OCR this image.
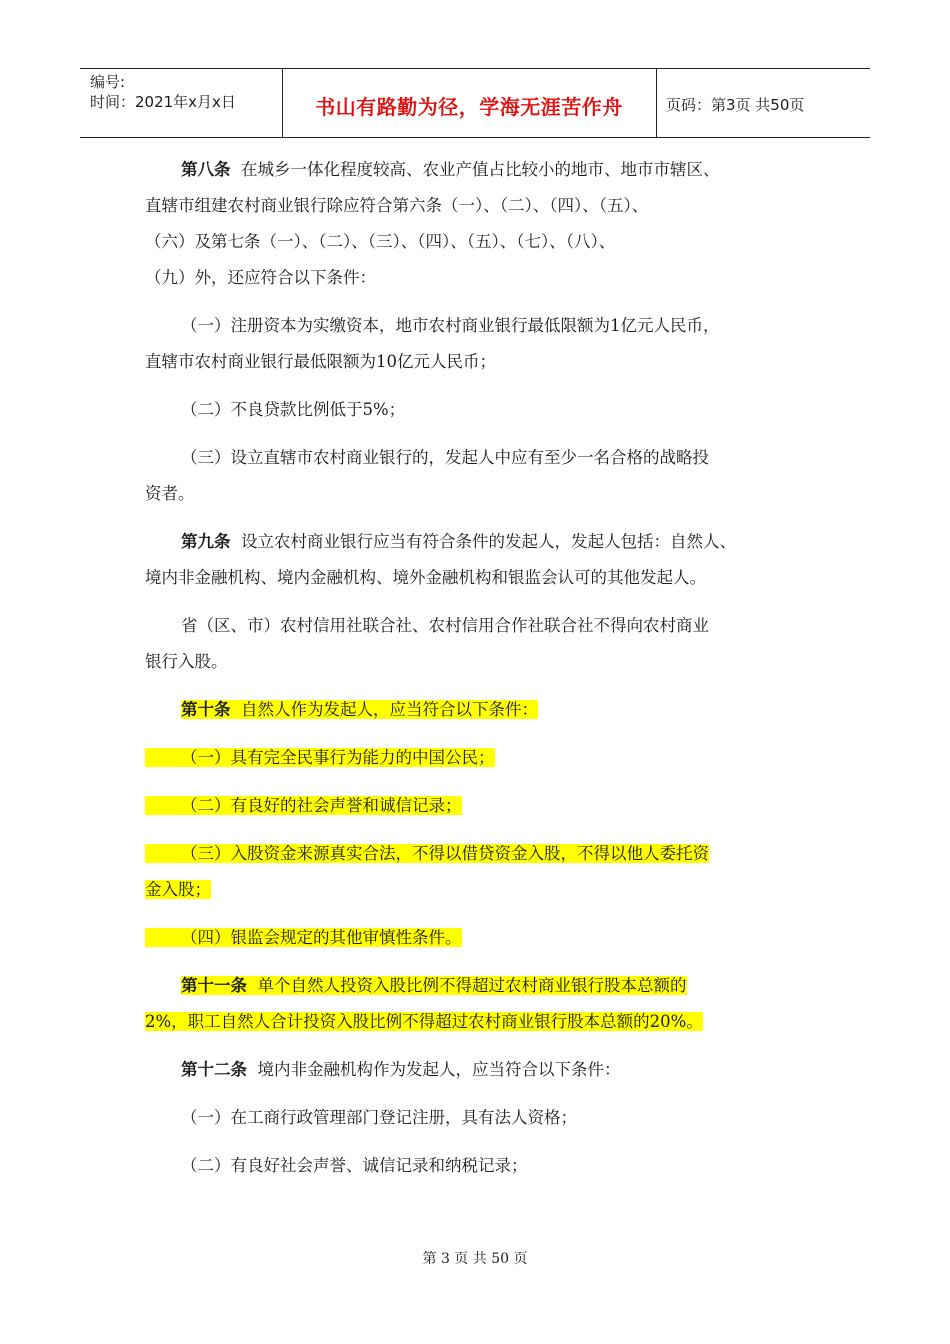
编号:
时间：2021年x月x日	书山有路勤为径，学海无涯苦作舟	页码：第3页 共50页

第八条 在城乡一体化程度较高、农业产值占比较小的地市、地市市辖区、
直辖市组建农村商业银行除应符合第六条（一）、（二）、（四）、（五）、
（六）及第七条（一）、（二）、（三）、（四）、（五）、（七）、（八）、
（九）外，还应符合以下条件：

（一）注册资本为实缴资本，地市农村商业银行最低限额为1亿元人民币，
直辖市农村商业银行最低限额为10亿元人民币；

（二）不良贷款比例低于5%；

（三）设立直辖市农村商业银行的，发起人中应有至少一名合格的战略投
资者。

第九条 设立农村商业银行应当有符合条件的发起人，发起人包括：自然人、
境内非金融机构、境内金融机构、境外金融机构和银监会认可的其他发起人。

省（区、市）农村信用社联合社、农村信用合作社联合社不得向农村商业
银行入股。

第十条 自然人作为发起人，应当符合以下条件：

（一）具有完全民事行为能力的中国公民；

（二）有良好的社会声誉和诚信记录；

（三）入股资金来源真实合法，不得以借贷资金入股，不得以他人委托资
金入股；

（四）银监会规定的其他审慎性条件。

第十一条 单个自然人投资入股比例不得超过农村商业银行股本总额的
2%，职工自然人合计投资入股比例不得超过农村商业银行股本总额的20%。

第十二条 境内非金融机构作为发起人，应当符合以下条件：

（一）在工商行政管理部门登记注册，具有法人资格；

（二）有良好社会声誉、诚信记录和纳税记录；

第 3 页 共 50 页
